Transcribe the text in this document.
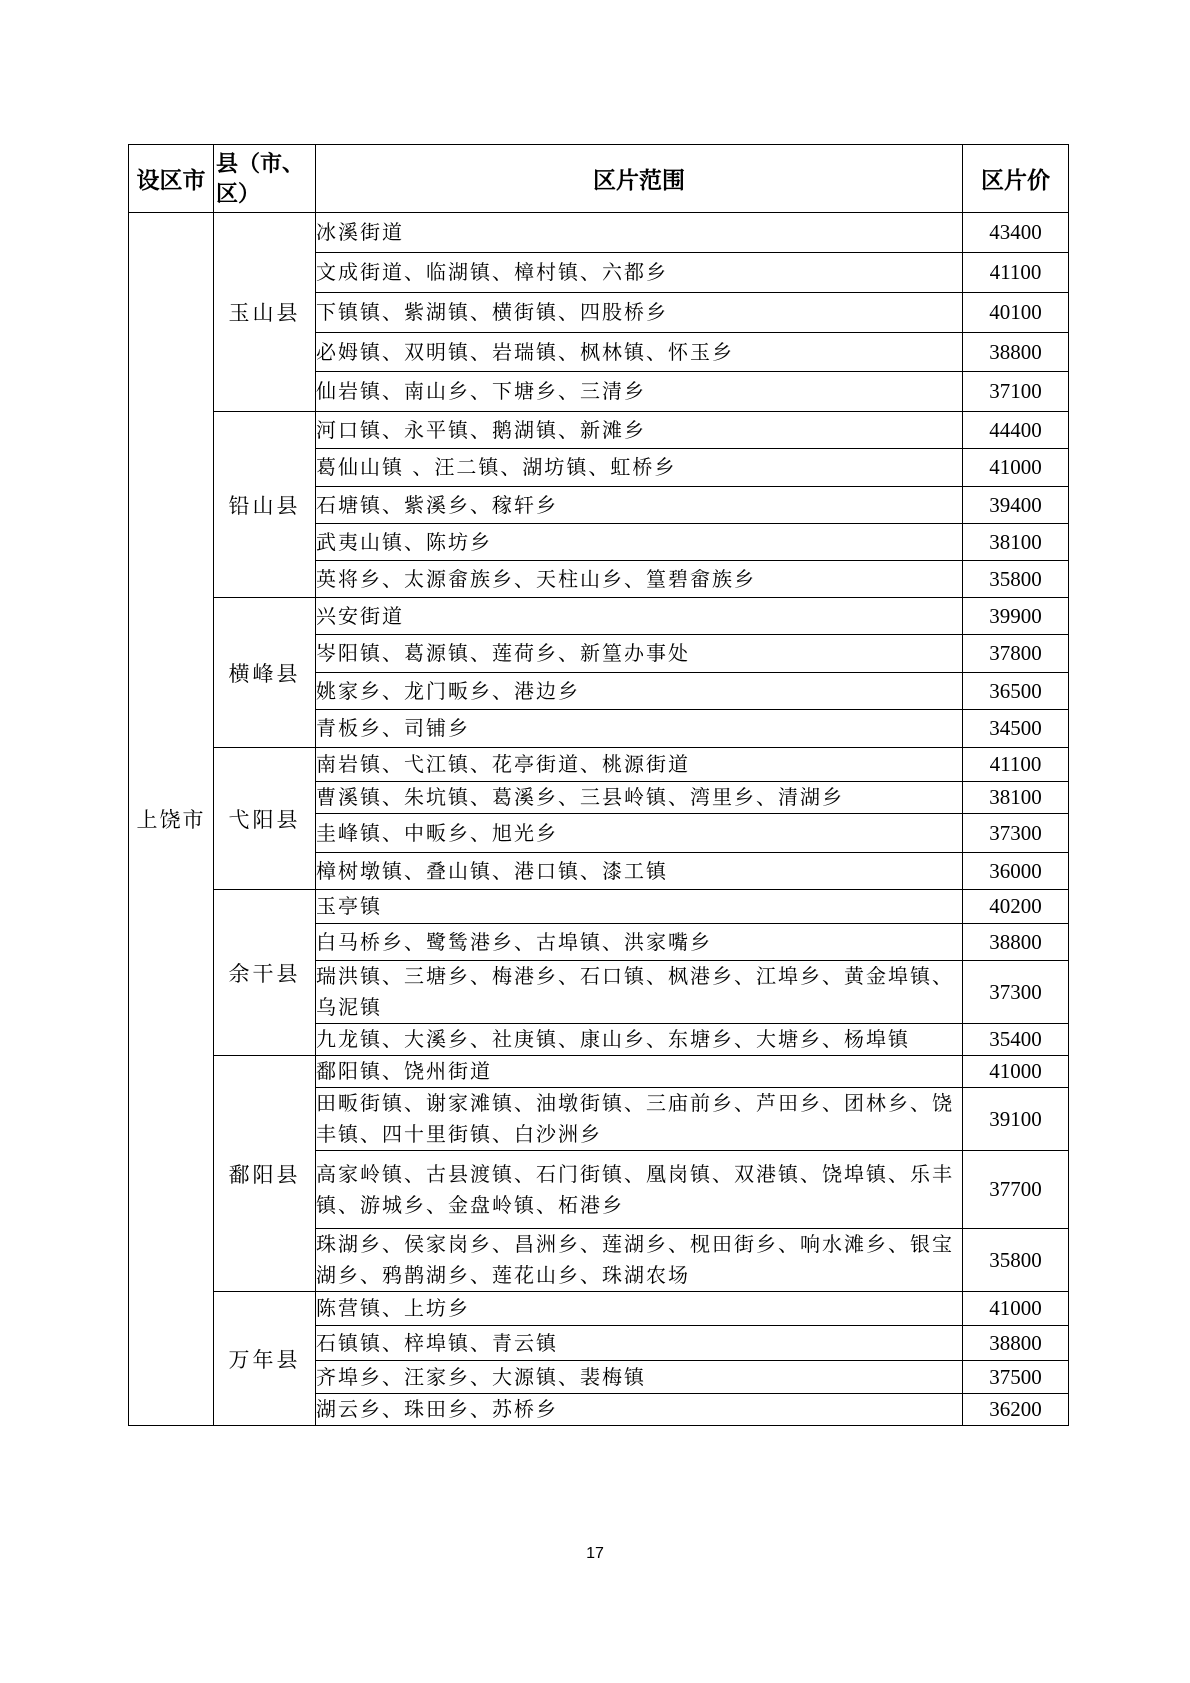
设区市	县（市、区）	区片范围	区片价
上饶市	玉山县	冰溪街道	43400
		文成街道、临湖镇、樟村镇、六都乡	41100
		下镇镇、紫湖镇、横街镇、四股桥乡	40100
		必姆镇、双明镇、岩瑞镇、枫林镇、怀玉乡	38800
		仙岩镇、南山乡、下塘乡、三清乡	37100
	铅山县	河口镇、永平镇、鹅湖镇、新滩乡	44400
		葛仙山镇 、汪二镇、湖坊镇、虹桥乡	41000
		石塘镇、紫溪乡、稼轩乡	39400
		武夷山镇、陈坊乡	38100
		英将乡、太源畲族乡、天柱山乡、篁碧畲族乡	35800
	横峰县	兴安街道	39900
		岑阳镇、葛源镇、莲荷乡、新篁办事处	37800
		姚家乡、龙门畈乡、港边乡	36500
		青板乡、司铺乡	34500
	弋阳县	南岩镇、弋江镇、花亭街道、桃源街道	41100
		曹溪镇、朱坑镇、葛溪乡、三县岭镇、湾里乡、清湖乡	38100
		圭峰镇、中畈乡、旭光乡	37300
		樟树墩镇、叠山镇、港口镇、漆工镇	36000
	余干县	玉亭镇	40200
		白马桥乡、鹭鸶港乡、古埠镇、洪家嘴乡	38800
		瑞洪镇、三塘乡、梅港乡、石口镇、枫港乡、江埠乡、黄金埠镇、乌泥镇	37300
		九龙镇、大溪乡、社庚镇、康山乡、东塘乡、大塘乡、杨埠镇	35400
	鄱阳县	鄱阳镇、饶州街道	41000
		田畈街镇、谢家滩镇、油墩街镇、三庙前乡、芦田乡、团林乡、饶丰镇、四十里街镇、白沙洲乡	39100
		高家岭镇、古县渡镇、石门街镇、凰岗镇、双港镇、饶埠镇、乐丰镇、游城乡、金盘岭镇、柘港乡	37700
		珠湖乡、侯家岗乡、昌洲乡、莲湖乡、枧田街乡、响水滩乡、银宝湖乡、鸦鹊湖乡、莲花山乡、珠湖农场	35800
	万年县	陈营镇、上坊乡	41000
		石镇镇、梓埠镇、青云镇	38800
		齐埠乡、汪家乡、大源镇、裴梅镇	37500
		湖云乡、珠田乡、苏桥乡	36200
17
